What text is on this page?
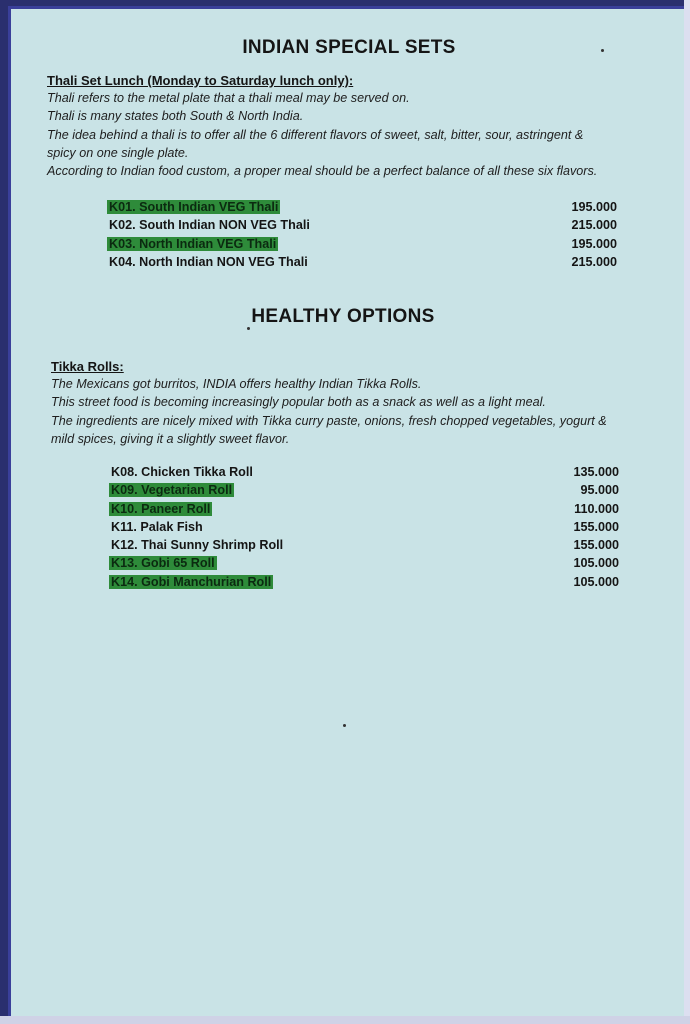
INDIAN SPECIAL SETS
Thali Set Lunch (Monday to Saturday lunch only):
Thali refers to the metal plate that a thali meal may be served on.
Thali is many states both South & North India.
The idea behind a thali is to offer all the 6 different flavors of sweet, salt, bitter, sour, astringent &
spicy on one single plate.
According to Indian food custom, a proper meal should be a perfect balance of all these six flavors.
K01. South Indian VEG Thali	195.000
K02. South Indian NON VEG Thali	215.000
K03. North Indian VEG Thali	195.000
K04. North Indian NON VEG Thali	215.000
HEALTHY OPTIONS
Tikka Rolls:
The Mexicans got burritos, INDIA offers healthy Indian Tikka Rolls.
This street food is becoming increasingly popular both as a snack as well as a light meal.
The ingredients are nicely mixed with Tikka curry paste, onions, fresh chopped vegetables, yogurt &
mild spices, giving it a slightly sweet flavor.
K08. Chicken Tikka Roll	135.000
K09. Vegetarian Roll	95.000
K10. Paneer Roll	110.000
K11. Palak Fish	155.000
K12. Thai Sunny Shrimp Roll	155.000
K13. Gobi 65 Roll	105.000
K14. Gobi Manchurian Roll	105.000
